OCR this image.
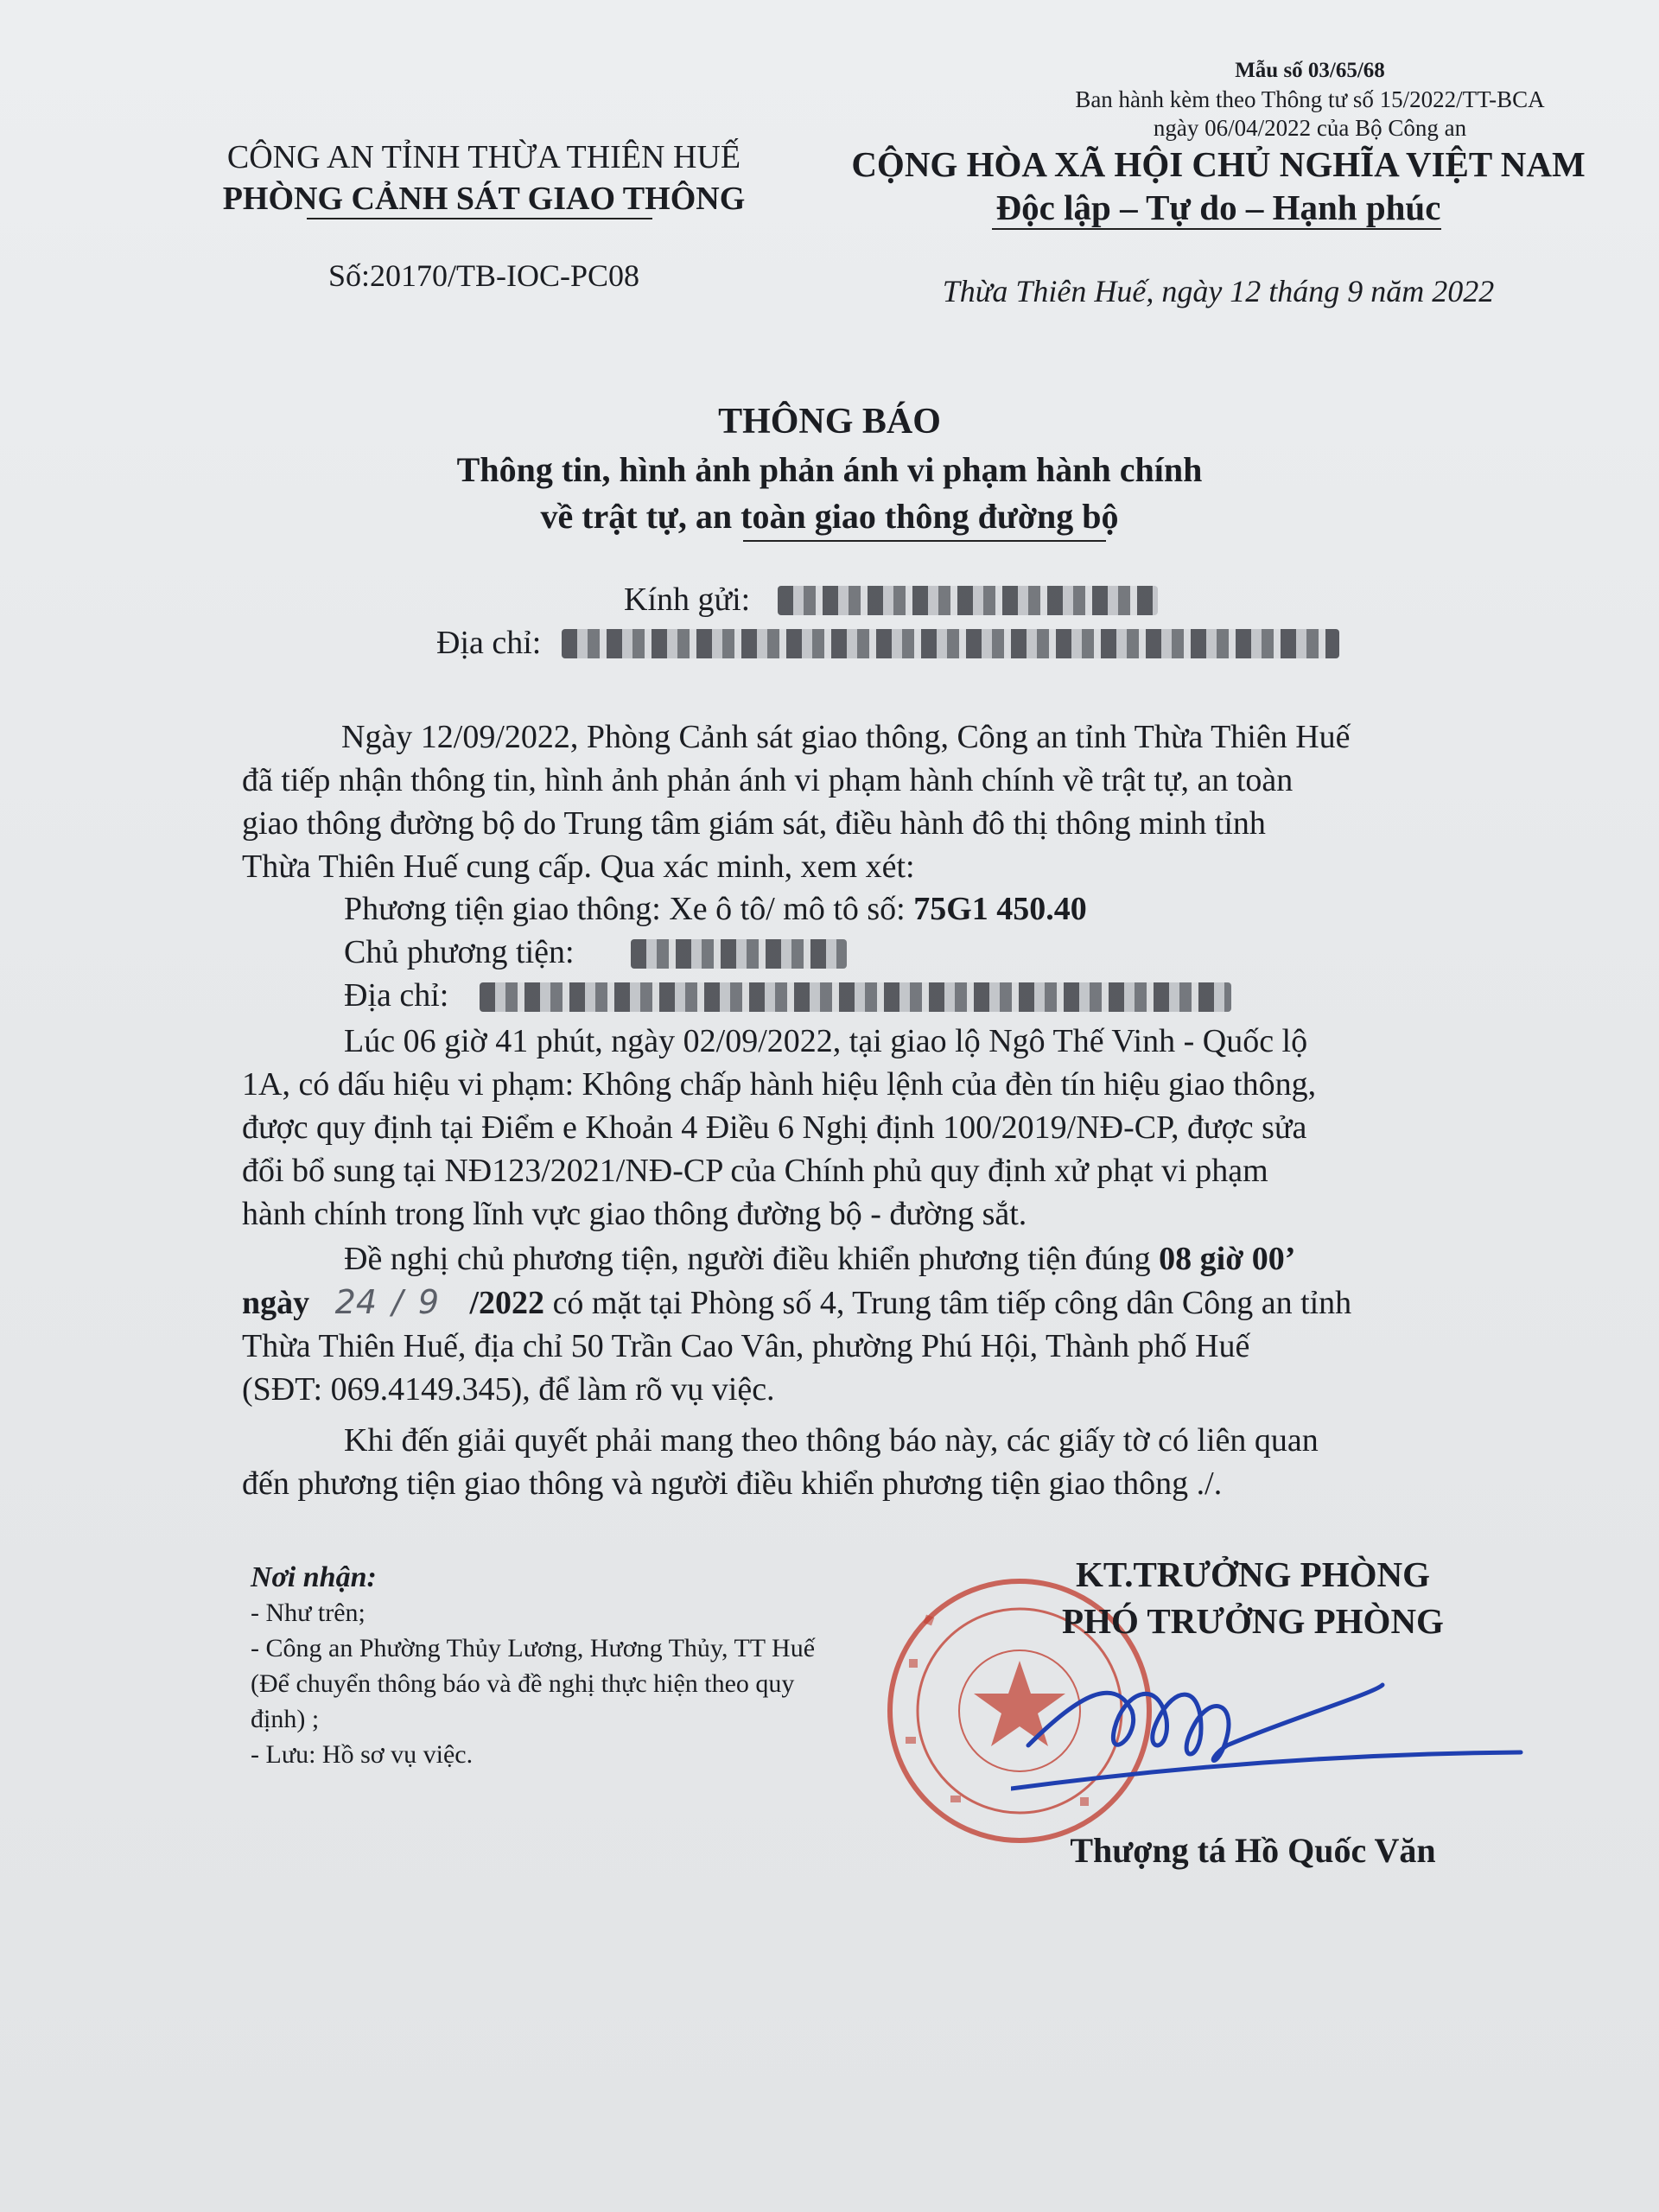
Mẫu số 03/65/68
Ban hành kèm theo Thông tư số 15/2022/TT-BCA
ngày 06/04/2022 của Bộ Công an
CÔNG AN TỈNH THỪA THIÊN HUẾ
PHÒNG CẢNH SÁT GIAO THÔNG
CỘNG HÒA XÃ HỘI CHỦ NGHĨA VIỆT NAM
Độc lập – Tự do – Hạnh phúc
Số:20170/TB-IOC-PC08	Thừa Thiên Huế, ngày 12 tháng 9 năm 2022
THÔNG BÁO
Thông tin, hình ảnh phản ánh vi phạm hành chính
về trật tự, an toàn giao thông đường bộ
Kính gửi:
Địa chỉ:
Ngày 12/09/2022, Phòng Cảnh sát giao thông, Công an tỉnh Thừa Thiên Huế
đã tiếp nhận thông tin, hình ảnh phản ánh vi phạm hành chính về trật tự, an toàn
giao thông đường bộ do Trung tâm giám sát, điều hành đô thị thông minh tỉnh
Thừa Thiên Huế cung cấp. Qua xác minh, xem xét:
Phương tiện giao thông: Xe ô tô/ mô tô số: 75G1 450.40
Chủ phương tiện:
Địa chỉ:
Lúc 06 giờ 41 phút, ngày 02/09/2022, tại giao lộ Ngô Thế Vinh - Quốc lộ
1A, có dấu hiệu vi phạm: Không chấp hành hiệu lệnh của đèn tín hiệu giao thông,
được quy định tại Điểm e Khoản 4 Điều 6 Nghị định 100/2019/NĐ-CP, được sửa
đổi bổ sung tại NĐ123/2021/NĐ-CP của Chính phủ quy định xử phạt vi phạm
hành chính trong lĩnh vực giao thông đường bộ - đường sắt.
Đề nghị chủ phương tiện, người điều khiển phương tiện đúng 08 giờ 00’
ngày 24 / 9 /2022 có mặt tại Phòng số 4, Trung tâm tiếp công dân Công an tỉnh
Thừa Thiên Huế, địa chỉ 50 Trần Cao Vân, phường Phú Hội, Thành phố Huế
(SĐT: 069.4149.345), để làm rõ vụ việc.
Khi đến giải quyết phải mang theo thông báo này, các giấy tờ có liên quan
đến phương tiện giao thông và người điều khiển phương tiện giao thông ./.
Nơi nhận:
- Như trên;
- Công an Phường Thủy Lương, Hương Thủy, TT Huế (Để chuyển thông báo và đề nghị thực hiện theo quy định) ;
- Lưu: Hồ sơ vụ việc.
KT.TRƯỞNG PHÒNG
PHÓ TRƯỞNG PHÒNG
Thượng tá Hồ Quốc Văn
